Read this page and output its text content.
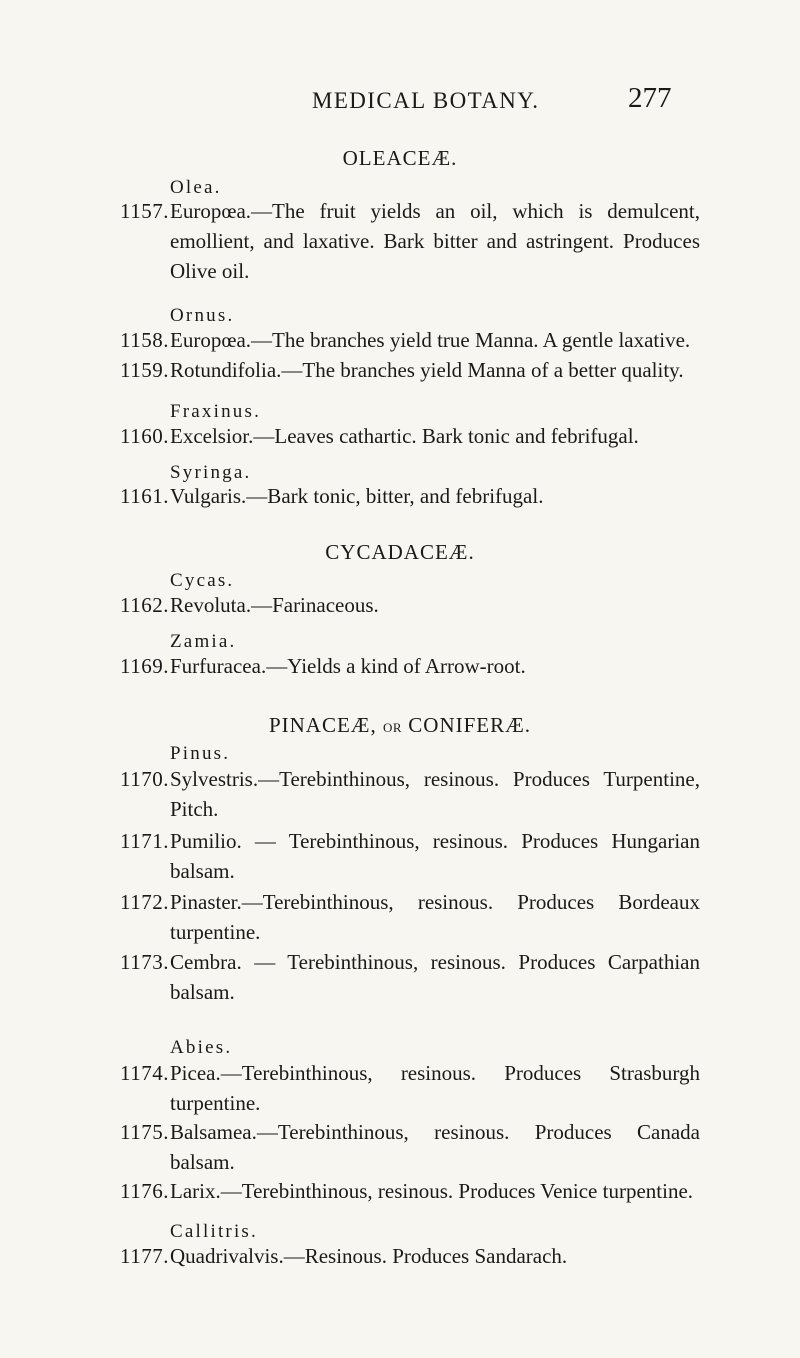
MEDICAL BOTANY.	277
OLEACEÆ.
Olea.
1157. Europœa.—The fruit yields an oil, which is demulcent, emollient, and laxative. Bark bitter and astringent. Produces Olive oil.
Ornus.
1158. Europœa.—The branches yield true Manna. A gentle laxative.
1159. Rotundifolia.—The branches yield Manna of a better quality.
Fraxinus.
1160. Excelsior.—Leaves cathartic. Bark tonic and febrifugal.
Syringa.
1161. Vulgaris.—Bark tonic, bitter, and febrifugal.
CYCADACEÆ.
Cycas.
1162. Revoluta.—Farinaceous.
Zamia.
1169. Furfuracea.—Yields a kind of Arrow-root.
PINACEÆ, OR CONIFERÆ.
Pinus.
1170. Sylvestris.—Terebinthinous, resinous. Produces Turpentine, Pitch.
1171. Pumilio. — Terebinthinous, resinous. Produces Hungarian balsam.
1172. Pinaster.—Terebinthinous, resinous. Produces Bordeaux turpentine.
1173. Cembra. — Terebinthinous, resinous. Produces Carpathian balsam.
Abies.
1174. Picea.—Terebinthinous, resinous. Produces Strasburgh turpentine.
1175. Balsamea.—Terebinthinous, resinous. Produces Canada balsam.
1176. Larix.—Terebinthinous, resinous. Produces Venice turpentine.
Callitris.
1177. Quadrivalvis.—Resinous. Produces Sandarach.
